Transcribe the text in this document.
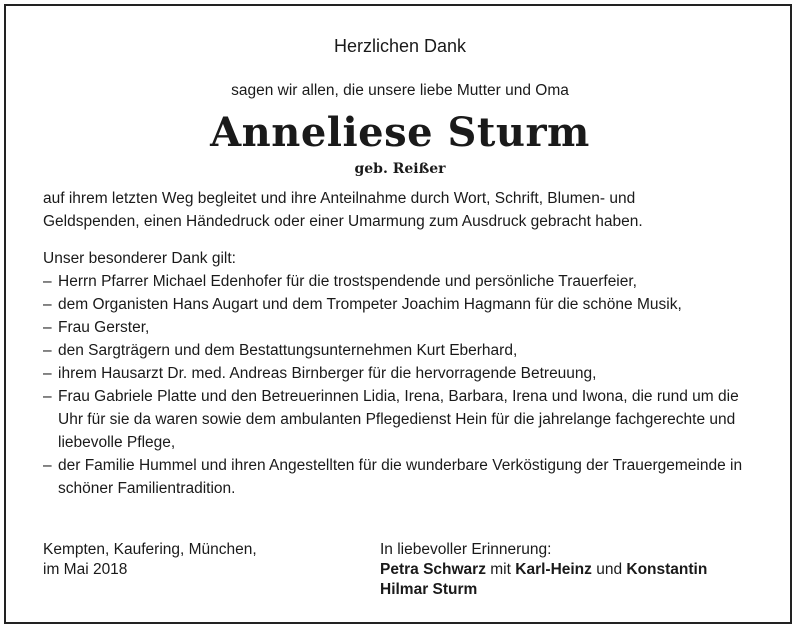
Herzlichen Dank
sagen wir allen, die unsere liebe Mutter und Oma
Anneliese Sturm
geb. Reißer
auf ihrem letzten Weg begleitet und ihre Anteilnahme durch Wort, Schrift, Blumen- und
Geldspenden, einen Händedruck oder einer Umarmung zum Ausdruck gebracht haben.
Unser besonderer Dank gilt:
– Herrn Pfarrer Michael Edenhofer für die trostspendende und persönliche Trauerfeier,
– dem Organisten Hans Augart und dem Trompeter Joachim Hagmann für die schöne Musik,
– Frau Gerster,
– den Sargträgern und dem Bestattungsunternehmen Kurt Eberhard,
– ihrem Hausarzt Dr. med. Andreas Birnberger für die hervorragende Betreuung,
– Frau Gabriele Platte und den Betreuerinnen Lidia, Irena, Barbara, Irena und Iwona, die rund um die Uhr für sie da waren sowie dem ambulanten Pflegedienst Hein für die jahrelange fachgerechte und liebevolle Pflege,
– der Familie Hummel und ihren Angestellten für die wunderbare Verköstigung der Trauergemeinde in schöner Familientradition.
Kempten, Kaufering, München,
im Mai 2018
In liebevoller Erinnerung:
Petra Schwarz mit Karl-Heinz und Konstantin
Hilmar Sturm
